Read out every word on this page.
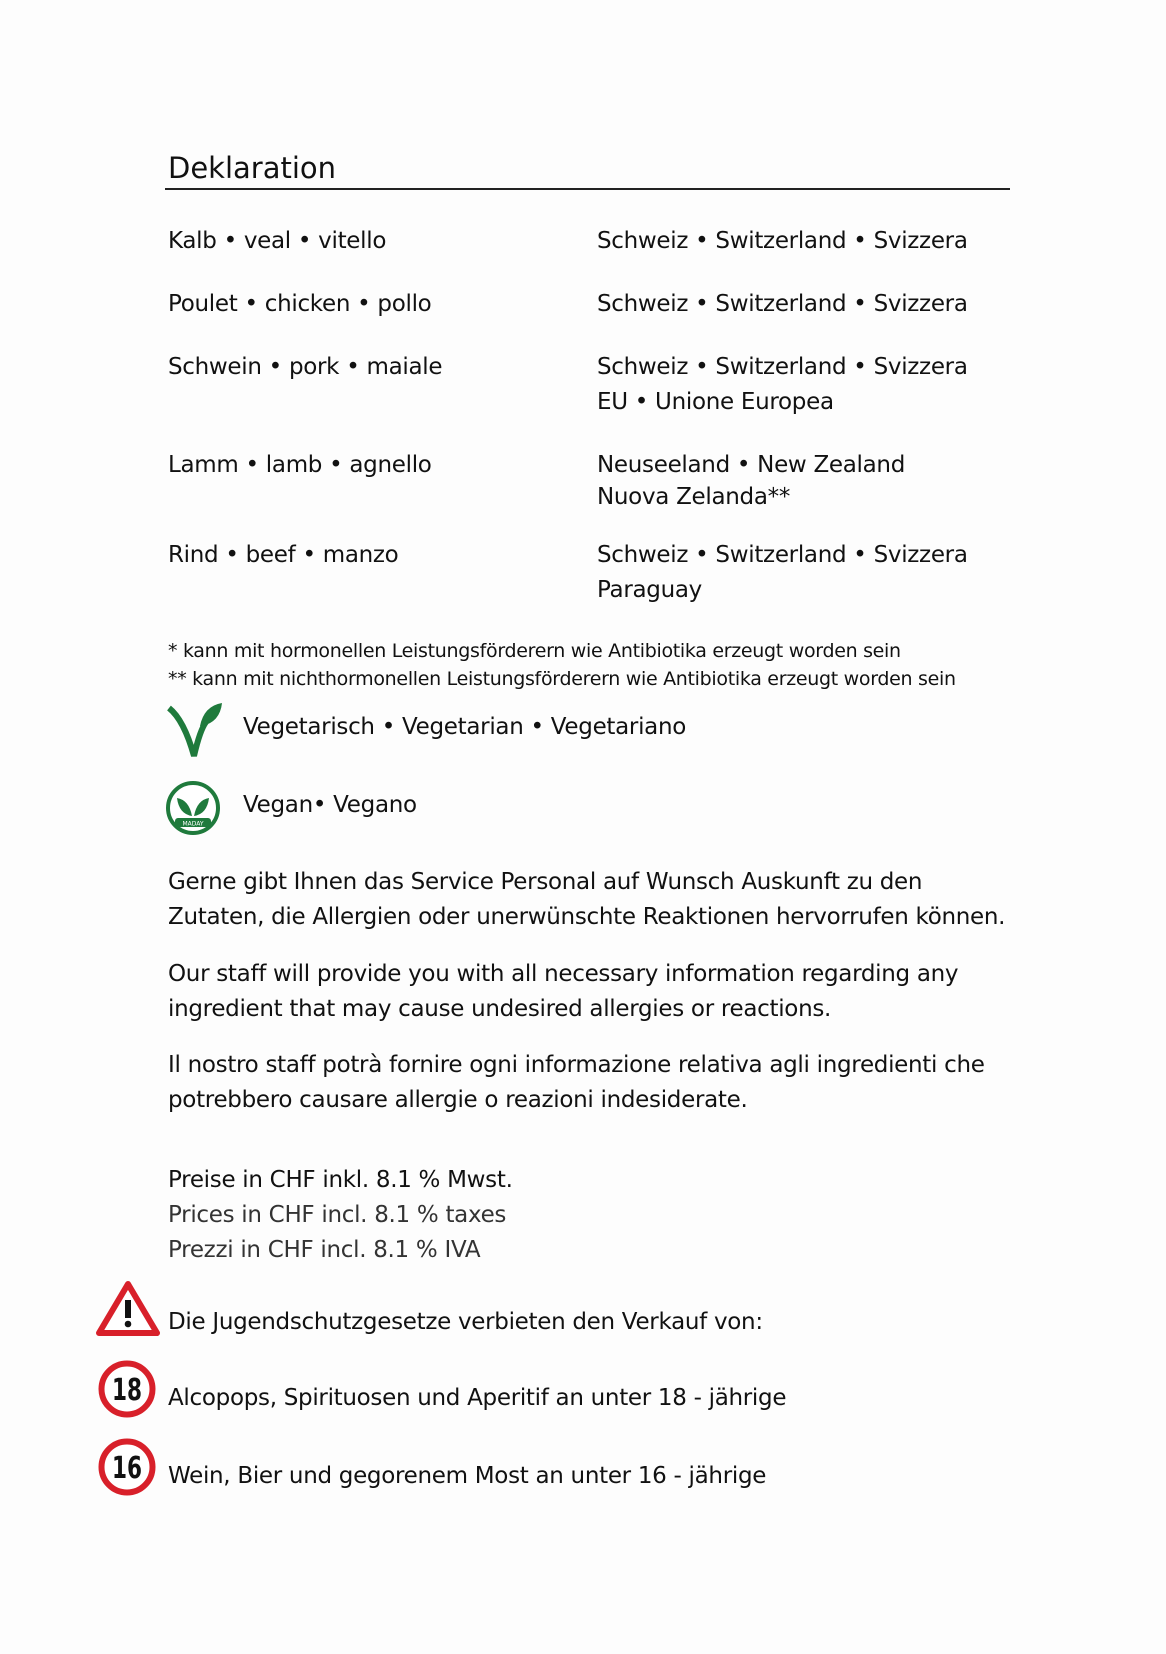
Deklaration
Kalb • veal • vitello	Schweiz • Switzerland • Svizzera
Poulet • chicken • pollo	Schweiz • Switzerland • Svizzera
Schwein • pork • maiale	Schweiz • Switzerland • Svizzera
EU • Unione Europea
Lamm • lamb • agnello	Neuseeland • New Zealand
Nuova Zelanda**
Rind • beef • manzo	Schweiz • Switzerland • Svizzera
Paraguay
* kann mit hormonellen Leistungsförderern wie Antibiotika erzeugt worden sein
** kann mit nichthormonellen Leistungsförderern wie Antibiotika erzeugt worden sein
Vegetarisch • Vegetarian • Vegetariano
MADAY
Vegan• Vegano
Gerne gibt Ihnen das Service Personal auf Wunsch Auskunft zu den
Zutaten, die Allergien oder unerwünschte Reaktionen hervorrufen können.
Our staff will provide you with all necessary information regarding any
ingredient that may cause undesired allergies or reactions.
Il nostro staff potrà fornire ogni informazione relativa agli ingredienti che
potrebbero causare allergie o reazioni indesiderate.
Preise in CHF inkl. 8.1 % Mwst.
Prices in CHF incl. 8.1 % taxes
Prezzi in CHF incl. 8.1 % IVA
Die Jugendschutzgesetze verbieten den Verkauf von:
18 Alcopops, Spirituosen und Aperitif an unter 18 - jährige
16 Wein, Bier und gegorenem Most an unter 16 - jährige
